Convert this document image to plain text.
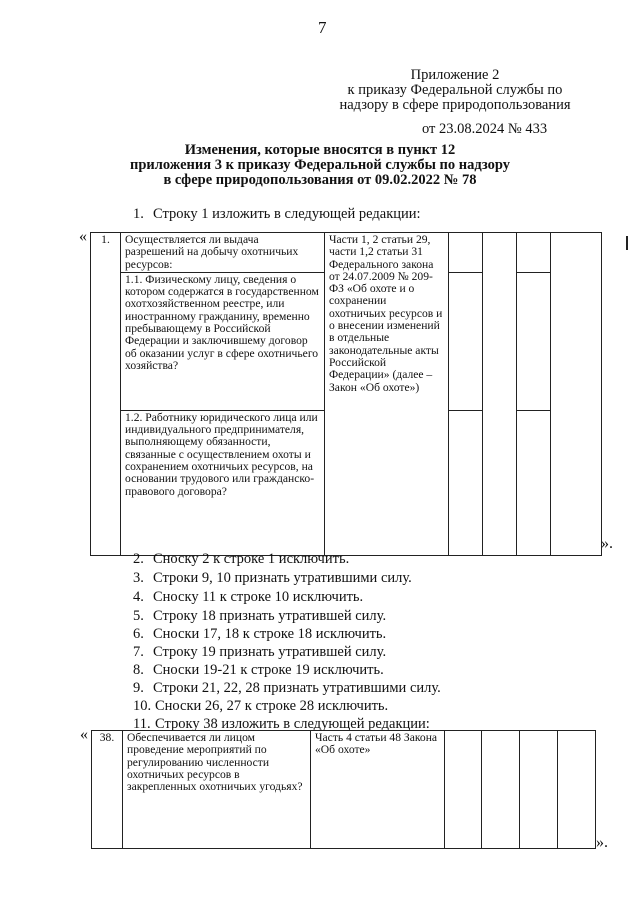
7
Приложение 2
к приказу Федеральной службы по
надзору в сфере природопользования
от 23.08.2024 № 433
Изменения, которые вносятся в пункт 12
приложения 3 к приказу Федеральной службы по надзору
в сфере природопользования от 09.02.2022 № 78
1. Строку 1 изложить в следующей редакции:
« 1.	Осуществляется ли выдача разрешений на добычу охотничьих ресурсов:	Части 1, 2 статьи 29, части 1,2 статьи 31 Федерального закона от 24.07.2009 № 209-ФЗ «Об охоте и о сохранении охотничьих ресурсов и о внесении изменений в отдельные законодательные акты Российской Федерации» (далее – Закон «Об охоте»)				
	1.1. Физическому лицу, сведения о котором содержатся в государственном охотхозяйственном реестре, или иностранному гражданину, временно пребывающему в Российской Федерации и заключившему договор об оказании услуг в сфере охотничьего хозяйства?					
	1.2. Работнику юридического лица или индивидуального предпринимателя, выполняющему обязанности, связанные с осуществлением охоты и сохранением охотничьих ресурсов, на основании трудового или гражданско-правового договора?					
».
2. Сноску 2 к строке 1 исключить.
3. Строки 9, 10 признать утратившими силу.
4. Сноску 11 к строке 10 исключить.
5. Строку 18 признать утратившей силу.
6. Сноски 17, 18 к строке 18 исключить.
7. Строку 19 признать утратившей силу.
8. Сноски 19-21 к строке 19 исключить.
9. Строки 21, 22, 28 признать утратившими силу.
10. Сноски 26, 27 к строке 28 исключить.
11. Строку 38 изложить в следующей редакции:
« 38.	Обеспечивается ли лицом проведение мероприятий по регулированию численности охотничьих ресурсов в закрепленных охотничьих угодьях?	Часть 4 статьи 48 Закона «Об охоте»				
».
